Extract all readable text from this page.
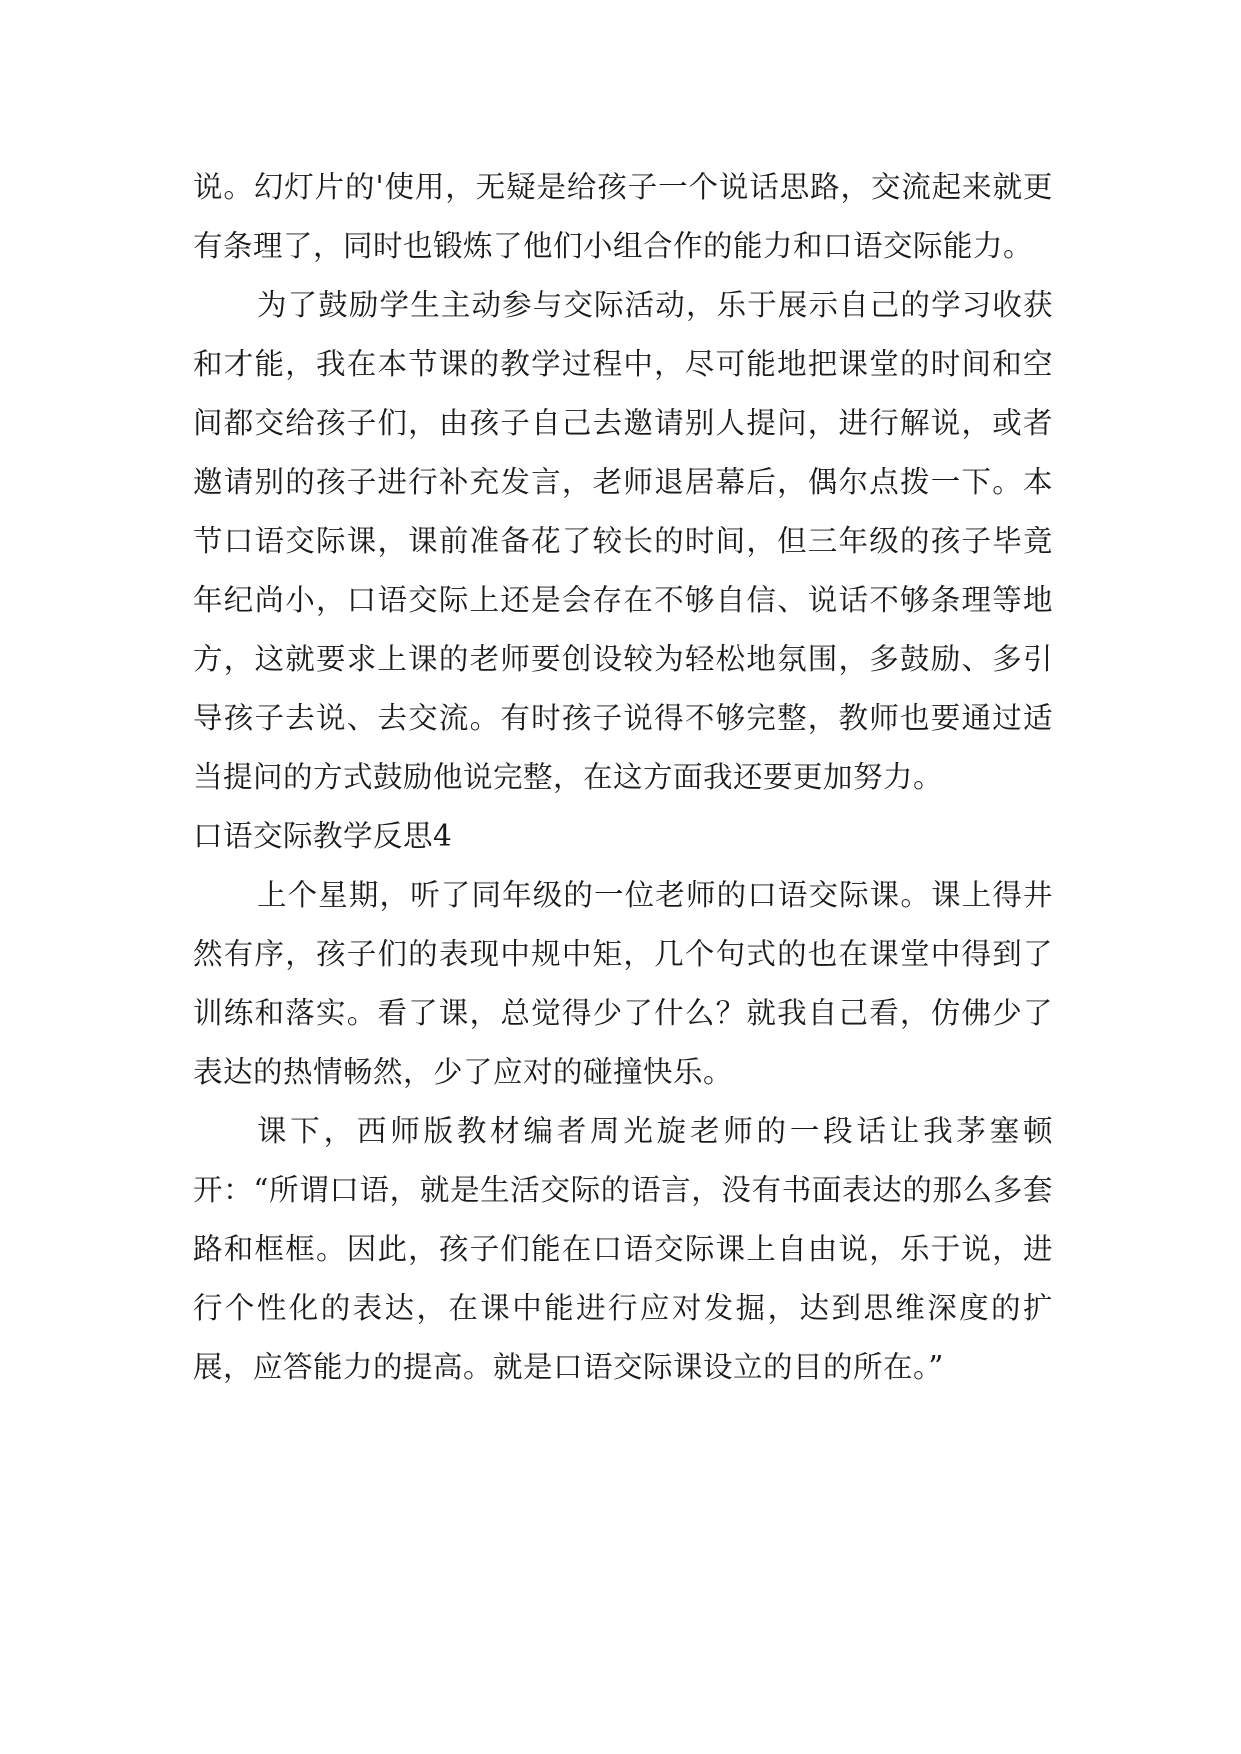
说。幻灯片的'使用，无疑是给孩子一个说话思路，交流起来就更有条理了，同时也锻炼了他们小组合作的能力和口语交际能力。

为了鼓励学生主动参与交际活动，乐于展示自己的学习收获和才能，我在本节课的教学过程中，尽可能地把课堂的时间和空间都交给孩子们，由孩子自己去邀请别人提问，进行解说，或者邀请别的孩子进行补充发言，老师退居幕后，偶尔点拨一下。本节口语交际课，课前准备花了较长的时间，但三年级的孩子毕竟年纪尚小，口语交际上还是会存在不够自信、说话不够条理等地方，这就要求上课的老师要创设较为轻松地氛围，多鼓励、多引导孩子去说、去交流。有时孩子说得不够完整，教师也要通过适当提问的方式鼓励他说完整，在这方面我还要更加努力。

口语交际教学反思4

上个星期，听了同年级的一位老师的口语交际课。课上得井然有序，孩子们的表现中规中矩，几个句式的也在课堂中得到了训练和落实。看了课，总觉得少了什么？就我自己看，仿佛少了表达的热情畅然，少了应对的碰撞快乐。

课下，西师版教材编者周光旋老师的一段话让我茅塞顿开：“所谓口语，就是生活交际的语言，没有书面表达的那么多套路和框框。因此，孩子们能在口语交际课上自由说，乐于说，进行个性化的表达，在课中能进行应对发掘，达到思维深度的扩展，应答能力的提高。就是口语交际课设立的目的所在。”
